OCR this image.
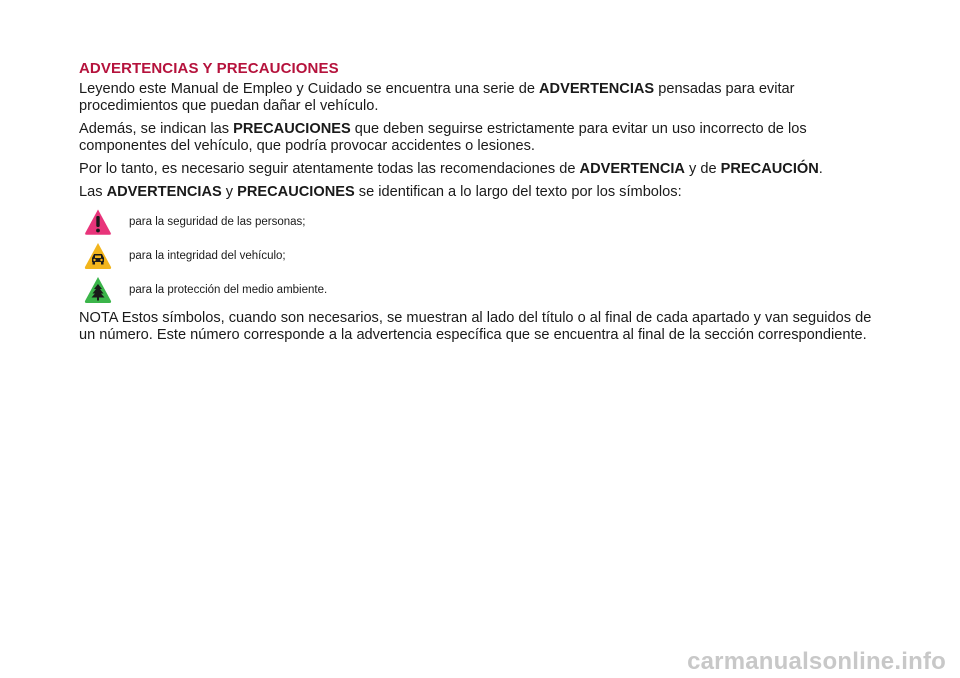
ADVERTENCIAS Y PRECAUCIONES

Leyendo este Manual de Empleo y Cuidado se encuentra una serie de ADVERTENCIAS pensadas para evitar procedimientos que puedan dañar el vehículo.

Además, se indican las PRECAUCIONES que deben seguirse estrictamente para evitar un uso incorrecto de los componentes del vehículo, que podría provocar accidentes o lesiones.

Por lo tanto, es necesario seguir atentamente todas las recomendaciones de ADVERTENCIA y de PRECAUCIÓN.

Las ADVERTENCIAS y PRECAUCIONES se identifican a lo largo del texto por los símbolos:

para la seguridad de las personas;
para la integridad del vehículo;
para la protección del medio ambiente.

NOTA Estos símbolos, cuando son necesarios, se muestran al lado del título o al final de cada apartado y van seguidos de un número. Este número corresponde a la advertencia específica que se encuentra al final de la sección correspondiente.

carmanualsonline.info
